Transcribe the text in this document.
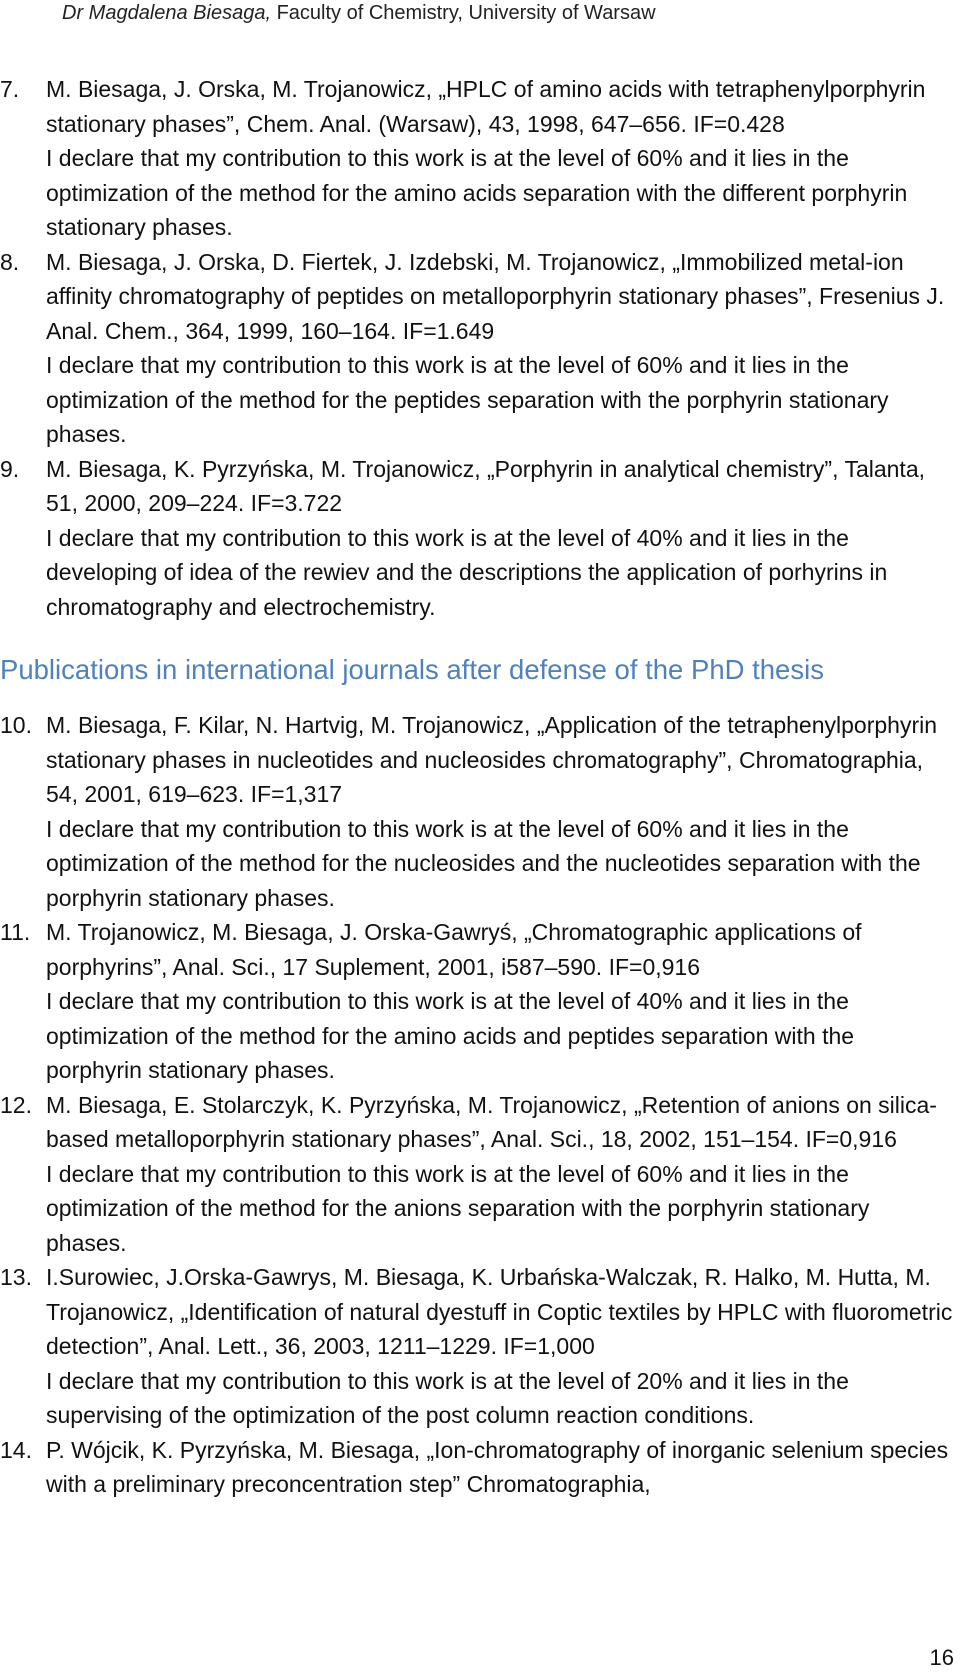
Dr Magdalena Biesaga, Faculty of Chemistry, University of Warsaw
7.	M. Biesaga, J. Orska, M. Trojanowicz, „HPLC of amino acids with tetraphenylporphyrin stationary phases”, Chem. Anal. (Warsaw), 43, 1998, 647–656. IF=0.428

I declare that my contribution to this work is at the level of 60% and it lies in the optimization of the method for the amino acids separation with the different porphyrin stationary phases.

8.	M. Biesaga, J. Orska, D. Fiertek, J. Izdebski, M. Trojanowicz, „Immobilized metal-ion affinity chromatography of peptides on metalloporphyrin stationary phases”, Fresenius J. Anal. Chem., 364, 1999, 160–164. IF=1.649

I declare that my contribution to this work is at the level of 60% and it lies in the optimization of the method for the peptides separation with the porphyrin stationary phases.

9.	M. Biesaga, K. Pyrzyńska, M. Trojanowicz, „Porphyrin in analytical chemistry”, Talanta, 51, 2000, 209–224. IF=3.722

I declare that my contribution to this work is at the level of 40% and it lies in the developing of idea of the rewiev and the descriptions the application of porhyrins in chromatography and electrochemistry.

Publications in international journals after defense of the PhD thesis
10. M. Biesaga, F. Kilar, N. Hartvig, M. Trojanowicz, „Application of the tetraphenylporphyrin stationary phases in nucleotides and nucleosides chromatography”, Chromatographia, 54, 2001, 619–623. IF=1,317

I declare that my contribution to this work is at the level of 60% and it lies in the optimization of the method for the nucleosides and the nucleotides separation with the porphyrin stationary phases.

11. M. Trojanowicz, M. Biesaga, J. Orska-Gawryś, „Chromatographic applications of porphyrins”, Anal. Sci., 17 Suplement, 2001, i587–590. IF=0,916

I declare that my contribution to this work is at the level of 40% and it lies in the optimization of the method for the amino acids and peptides separation with the porphyrin stationary phases.

12. M. Biesaga, E. Stolarczyk, K. Pyrzyńska, M. Trojanowicz, „Retention of anions on silica-based metalloporphyrin stationary phases”, Anal. Sci., 18, 2002, 151–154. IF=0,916

I declare that my contribution to this work is at the level of 60% and it lies in the optimization of the method for the anions separation with the porphyrin stationary phases.

13. I.Surowiec, J.Orska-Gawrys, M. Biesaga, K. Urbańska-Walczak, R. Halko, M. Hutta, M. Trojanowicz, „Identification of natural dyestuff in Coptic textiles by HPLC with fluorometric detection”, Anal. Lett., 36, 2003, 1211–1229. IF=1,000

I declare that my contribution to this work is at the level of 20% and it lies in the supervising of the optimization of the post column reaction conditions.

14. P. Wójcik, K. Pyrzyńska, M. Biesaga, „Ion-chromatography of inorganic selenium species with a preliminary preconcentration step” Chromatographia,

16
